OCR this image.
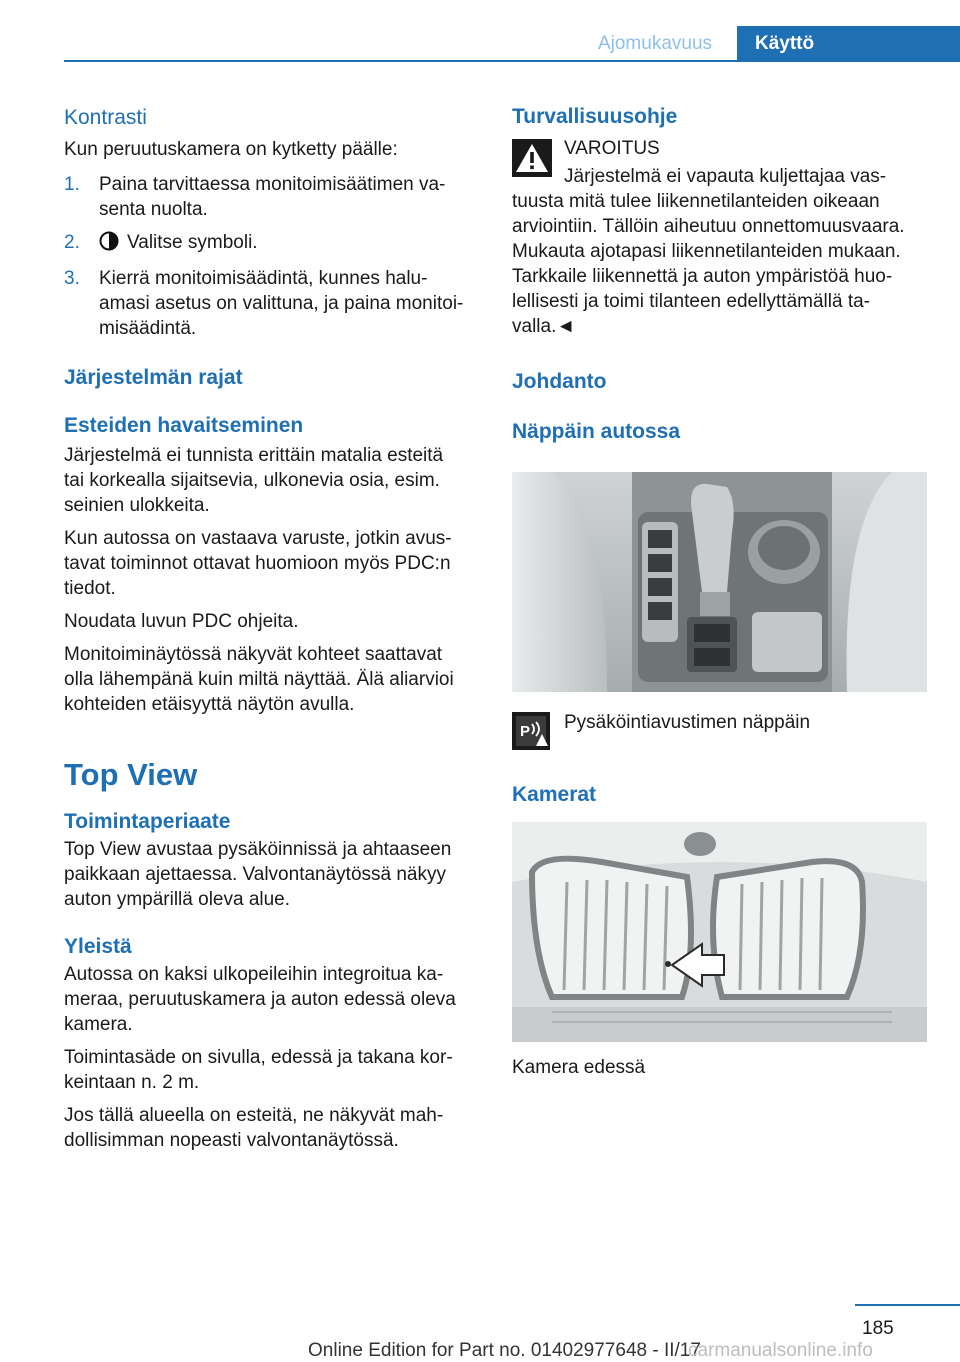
Ajomukavuus	Käyttö

Kontrasti

Kun peruutuskamera on kytketty päälle:

1. Paina tarvittaessa monitoimisäätimen va-

senta nuolta.

2.	Valitse symboli.

3. Kierrä monitoimisäädintä, kunnes halu-

amasi asetus on valittuna, ja paina monitoi-

misäädintä.

Järjestelmän rajat

Esteiden havaitseminen

Järjestelmä ei tunnista erittäin matalia esteitä

tai korkealla sijaitsevia, ulkonevia osia, esim.

seinien ulokkeita.

Kun autossa on vastaava varuste, jotkin avus-

tavat toiminnot ottavat huomioon myös PDC:n

tiedot.

Noudata luvun PDC ohjeita.

Monitoiminäytössä näkyvät kohteet saattavat

olla lähempänä kuin miltä näyttää. Älä aliarvioi

kohteiden etäisyyttä näytön avulla.

Top View

Toimintaperiaate

Top View avustaa pysäköinnissä ja ahtaaseen

paikkaan ajettaessa. Valvontanäytössä näkyy

auton ympärillä oleva alue.

Yleistä

Autossa on kaksi ulkopeileihin integroitua ka-

meraa, peruutuskamera ja auton edessä oleva

kamera.

Toimintasäde on sivulla, edessä ja takana kor-

keintaan n. 2 m.

Jos tällä alueella on esteitä, ne näkyvät mah-

dollisimman nopeasti valvontanäytössä.

Turvallisuusohje

VAROITUS

Järjestelmä ei vapauta kuljettajaa vas-

tuusta mitä tulee liikennetilanteiden oikeaan

arviointiin. Tällöin aiheutuu onnettomuusvaara.

Mukauta ajotapasi liikennetilanteiden mukaan.

Tarkkaile liikennettä ja auton ympäristöä huo-

lellisesti ja toimi tilanteen edellyttämällä ta-

valla.◄

Johdanto

Näppäin autossa

P Pysäköintiavustimen näppäin
Kamerat
Kamera edessä
185
Online Edition for Part no. 01402977648 - II/17
carmanualsonline.info
